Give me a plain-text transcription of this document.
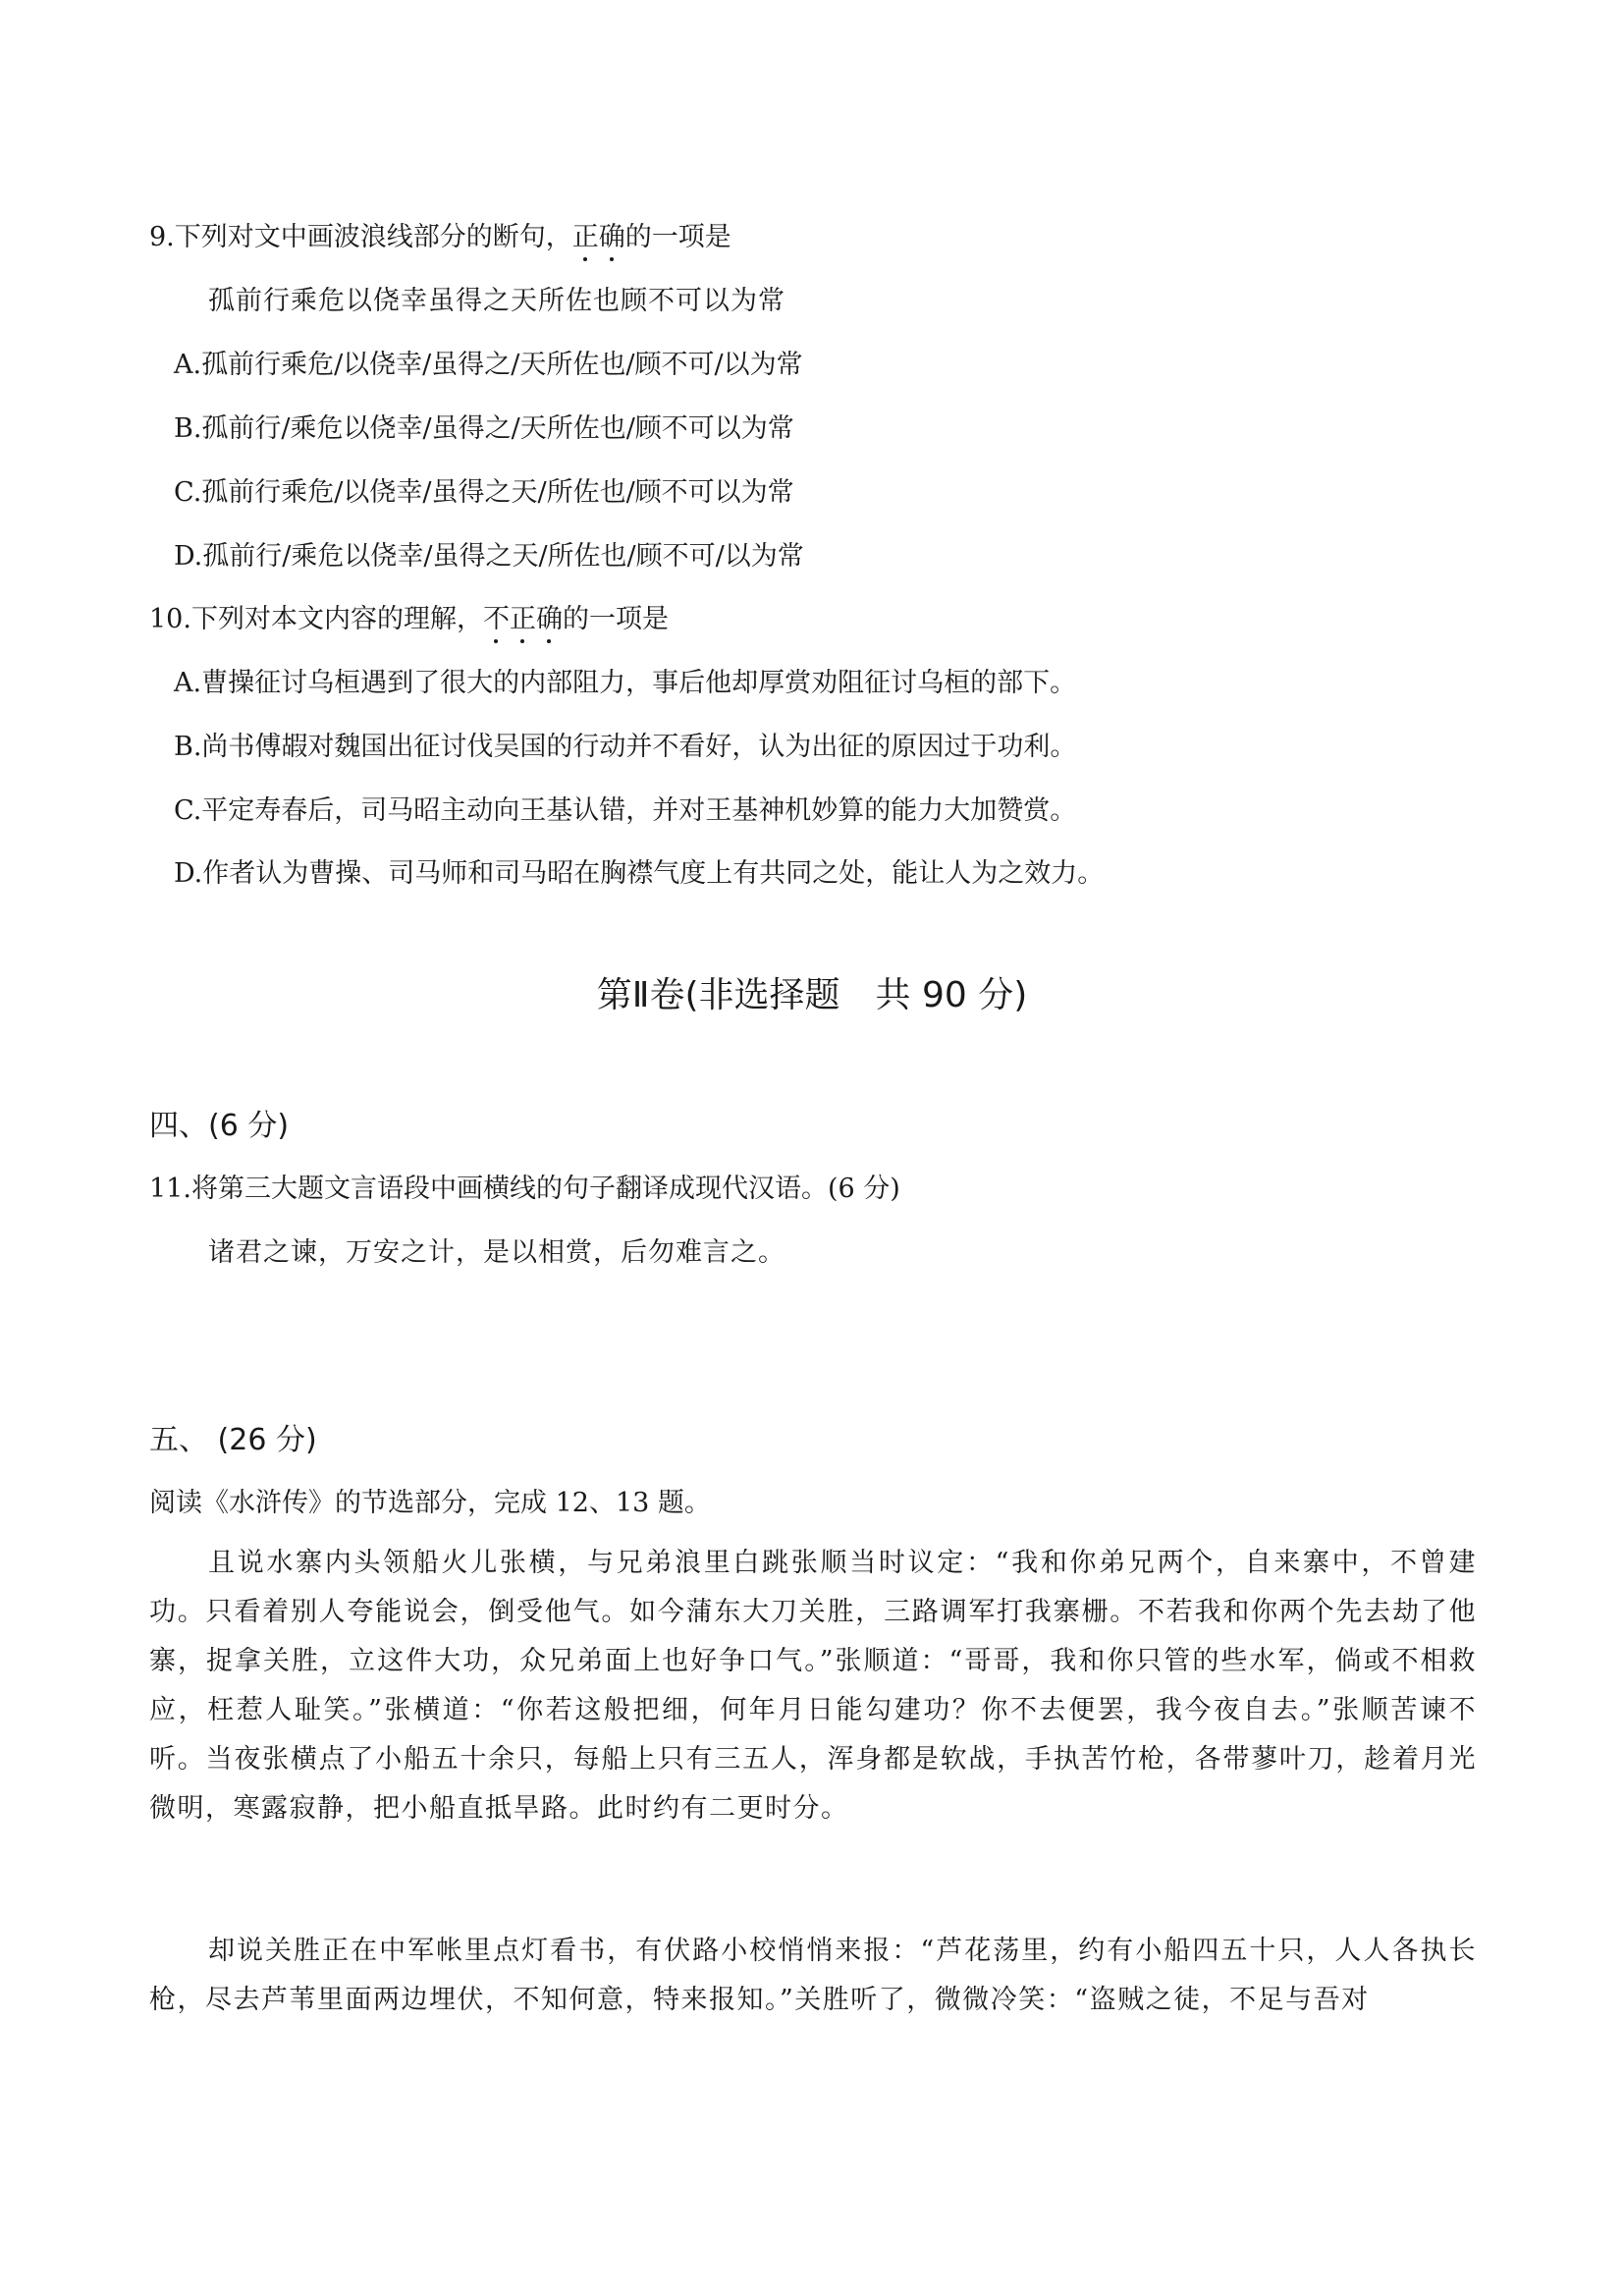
9.下列对文中画波浪线部分的断句，正确
的一项是
孤前行乘危以侥幸虽得之天所佐也顾不可以为常
A.孤前行乘危/以侥幸/虽得之/天所佐也/顾不可/以为常
B.孤前行/乘危以侥幸/虽得之/天所佐也/顾不可以为常
C.孤前行乘危/以侥幸/虽得之天/所佐也/顾不可以为常
D.孤前行/乘危以侥幸/虽得之天/所佐也/顾不可/以为常
10.下列对本文内容的理解，不正确
的一项是
A.曹操征讨乌桓遇到了很大的内部阻力，事后他却厚赏劝阻征讨乌桓的部下。
B.尚书傅嘏对魏国出征讨伐吴国的行动并不看好，认为出征的原因过于功利。
C.平定寿春后，司马昭主动向王基认错，并对王基神机妙算的能力大加赞赏。
D.作者认为曹操、司马师和司马昭在胸襟气度上有共同之处，能让人为之效力。
第Ⅱ卷(非选择题　共 90 分)
四、(6 分)
11.将第三大题文言语段中画横线的句子翻译成现代汉语。(6 分)
诸君之谏，万安之计，是以相赏，后勿难言之。
五、 (26 分)
阅读《水浒传》的节选部分，完成 12、13 题。
且说水寨内头领船火儿张横，与兄弟浪里白跳张顺当时议定：“我和你弟兄两个，自来寨中，不曾建功。只看着别人夸能说会，倒受他气。如今蒲东大刀关胜，三路调军打我寨栅。不若我和你两个先去劫了他寨，捉拿关胜，立这件大功，众兄弟面上也好争口气。”张顺道：“哥哥，我和你只管的些水军，倘或不相救应，枉惹人耻笑。”张横道：“你若这般把细，何年月日能勾建功？你不去便罢，我今夜自去。”张顺苦谏不听。当夜张横点了小船五十余只，每船上只有三五人，浑身都是软战，手执苦竹枪，各带蓼叶刀，趁着月光微明，寒露寂静，把小船直抵旱路。此时约有二更时分。
却说关胜正在中军帐里点灯看书，有伏路小校悄悄来报：“芦花荡里，约有小船四五十只，人人各执长枪，尽去芦苇里面两边埋伏，不知何意，特来报知。”关胜听了，微微冷笑：“盗贼之徒，不足与吾对
